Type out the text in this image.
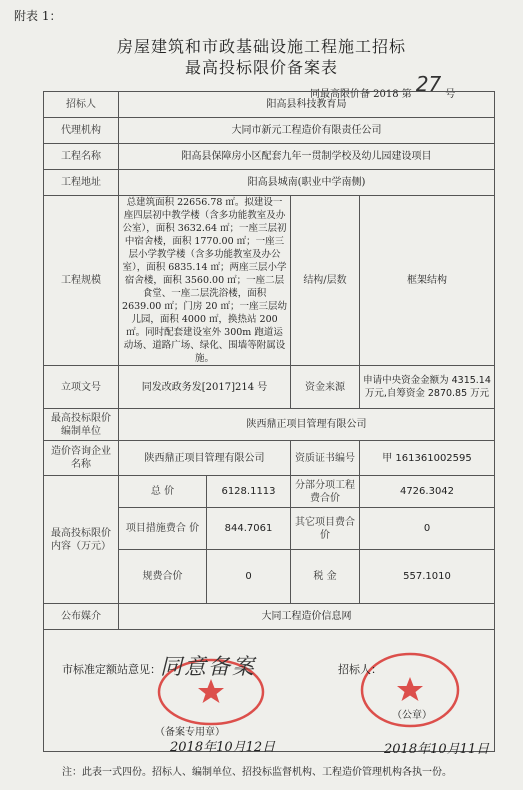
附表 1：
房屋建筑和市政基础设施工程施工招标
最高投标限价备案表
同最高限价备 2018 第 27 号
招标人	阳高县科技教育局			
代理机构	大同市新元工程造价有限责任公司			
工程名称	阳高县保障房小区配套九年一贯制学校及幼儿园建设项目			
工程地址	阳高县城南(职业中学南侧)			
工程规模	总建筑面积 22656.78 ㎡。拟建设一座四层初中教学楼（含多功能教室及办公室），面积 3632.64 ㎡；一座三层初中宿舍楼，面积 1770.00 ㎡；一座三层小学教学楼（含多功能教室及办公室），面积 6835.14 ㎡；两座三层小学宿舍楼，面积 3560.00 ㎡；一座二层食堂、一座二层洗浴楼，面积 2639.00 ㎡；门房 20 ㎡；一座三层幼儿园，面积 4000 ㎡，换热站 200 ㎡。同时配套建设室外 300m 跑道运动场、道路广场、绿化、围墙等附属设施。		结构/层数	框架结构
立项文号	同发改政务发[2017]214 号		资金来源	申请中央资金金额为 4315.14 万元,自筹资金 2870.85 万元
最高投标限价编制单位	陕西鼎正项目管理有限公司			
造价咨询企业名称	陕西鼎正项目管理有限公司		资质证书编号	甲 161361002595
最高投标限价内容（万元）	总 价	6128.1113	分部分项工程费合价	4726.3042
	项目措施费合 价	844.7061	其它项目费合 价	0
	规费合价	0	税 金	557.1010
公布媒介	大同工程造价信息网			

市标准定额站意见： 同意备案
（备案专用章）
2018年10月12日
招标人：
（公章）
2018年10月11日
注：此表一式四份。招标人、编制单位、招投标监督机构、工程造价管理机构各执一份。
